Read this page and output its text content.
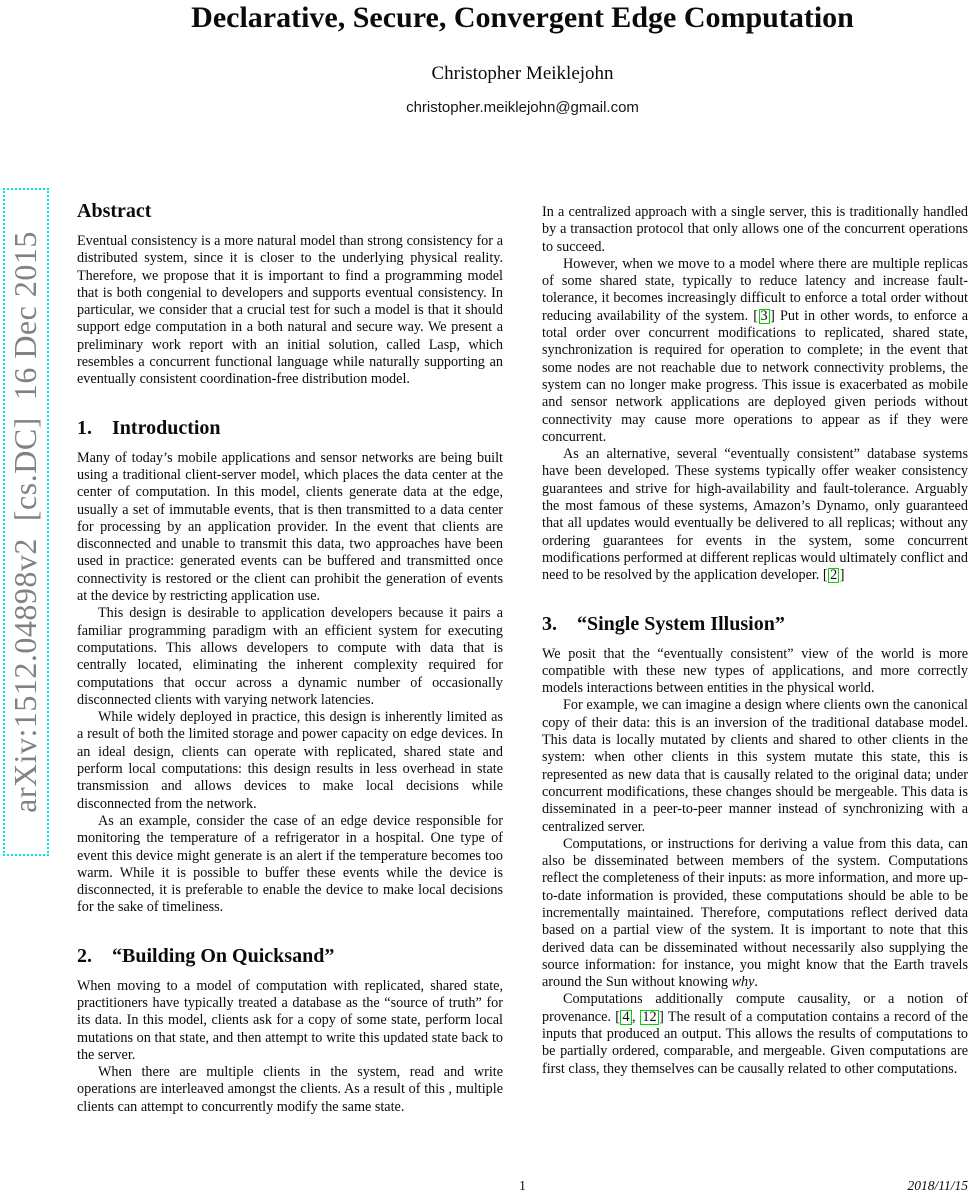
arXiv:1512.04898v2  [cs.DC]  16 Dec 2015
Declarative, Secure, Convergent Edge Computation
Christopher Meiklejohn
christopher.meiklejohn@gmail.com
Abstract

Eventual consistency is a more natural model than strong consistency for a distributed system, since it is closer to the underlying physical reality. Therefore, we propose that it is important to find a programming model that is both congenial to developers and supports eventual consistency. In particular, we consider that a crucial test for such a model is that it should support edge computation in a both natural and secure way. We present a preliminary work report with an initial solution, called Lasp, which resembles a concurrent functional language while naturally supporting an eventually consistent coordination-free distribution model.

1. Introduction

Many of today’s mobile applications and sensor networks are being built using a traditional client-server model, which places the data center at the center of computation. In this model, clients generate data at the edge, usually a set of immutable events, that is then transmitted to a data center for processing by an application provider. In the event that clients are disconnected and unable to transmit this data, two approaches have been used in practice: generated events can be buffered and transmitted once connectivity is restored or the client can prohibit the generation of events at the device by restricting application use.

This design is desirable to application developers because it pairs a familiar programming paradigm with an efficient system for executing computations. This allows developers to compute with data that is centrally located, eliminating the inherent complexity required for computations that occur across a dynamic number of occasionally disconnected clients with varying network latencies.

While widely deployed in practice, this design is inherently limited as a result of both the limited storage and power capacity on edge devices. In an ideal design, clients can operate with replicated, shared state and perform local computations: this design results in less overhead in state transmission and allows devices to make local decisions while disconnected from the network.

As an example, consider the case of an edge device responsible for monitoring the temperature of a refrigerator in a hospital. One type of event this device might generate is an alert if the temperature becomes too warm. While it is possible to buffer these events while the device is disconnected, it is preferable to enable the device to make local decisions for the sake of timeliness.

2. “Building On Quicksand”

When moving to a model of computation with replicated, shared state, practitioners have typically treated a database as the “source of truth” for its data. In this model, clients ask for a copy of some state, perform local mutations on that state, and then attempt to write this updated state back to the server.

When there are multiple clients in the system, read and write operations are interleaved amongst the clients. As a result of this , multiple clients can attempt to concurrently modify the same state.

In a centralized approach with a single server, this is traditionally handled by a transaction protocol that only allows one of the concurrent operations to succeed.

However, when we move to a model where there are multiple replicas of some shared state, typically to reduce latency and increase fault-tolerance, it becomes increasingly difficult to enforce a total order without reducing availability of the system. [ 3 ] Put in other words, to enforce a total order over concurrent modifications to replicated, shared state, synchronization is required for operation to complete; in the event that some nodes are not reachable due to network connectivity problems, the system can no longer make progress. This issue is exacerbated as mobile and sensor network applications are deployed given periods without connectivity may cause more operations to appear as if they were concurrent.

As an alternative, several “eventually consistent” database systems have been developed. These systems typically offer weaker consistency guarantees and strive for high-availability and fault-tolerance. Arguably the most famous of these systems, Amazon’s Dynamo, only guaranteed that all updates would eventually be delivered to all replicas; without any ordering guarantees for events in the system, some concurrent modifications performed at different replicas would ultimately conflict and need to be resolved by the application developer. [ 2 ]

3. “Single System Illusion”

We posit that the “eventually consistent” view of the world is more compatible with these new types of applications, and more correctly models interactions between entities in the physical world.

For example, we can imagine a design where clients own the canonical copy of their data: this is an inversion of the traditional database model. This data is locally mutated by clients and shared to other clients in the system: when other clients in this system mutate this state, this is represented as new data that is causally related to the original data; under concurrent modifications, these changes should be mergeable. This data is disseminated in a peer-to-peer manner instead of synchronizing with a centralized server.

Computations, or instructions for deriving a value from this data, can also be disseminated between members of the system. Computations reflect the completeness of their inputs: as more information, and more up-to-date information is provided, these computations should be able to be incrementally maintained. Therefore, computations reflect derived data based on a partial view of the system. It is important to note that this derived data can be disseminated without necessarily also supplying the source information: for instance, you might know that the Earth travels around the Sun without knowing why.

Computations additionally compute causality, or a notion of provenance. [ 4 , 12 ] The result of a computation contains a record of the inputs that produced an output. This allows the results of computations to be partially ordered, comparable, and mergeable. Given computations are first class, they themselves can be causally related to other computations.

1	2018/11/15
